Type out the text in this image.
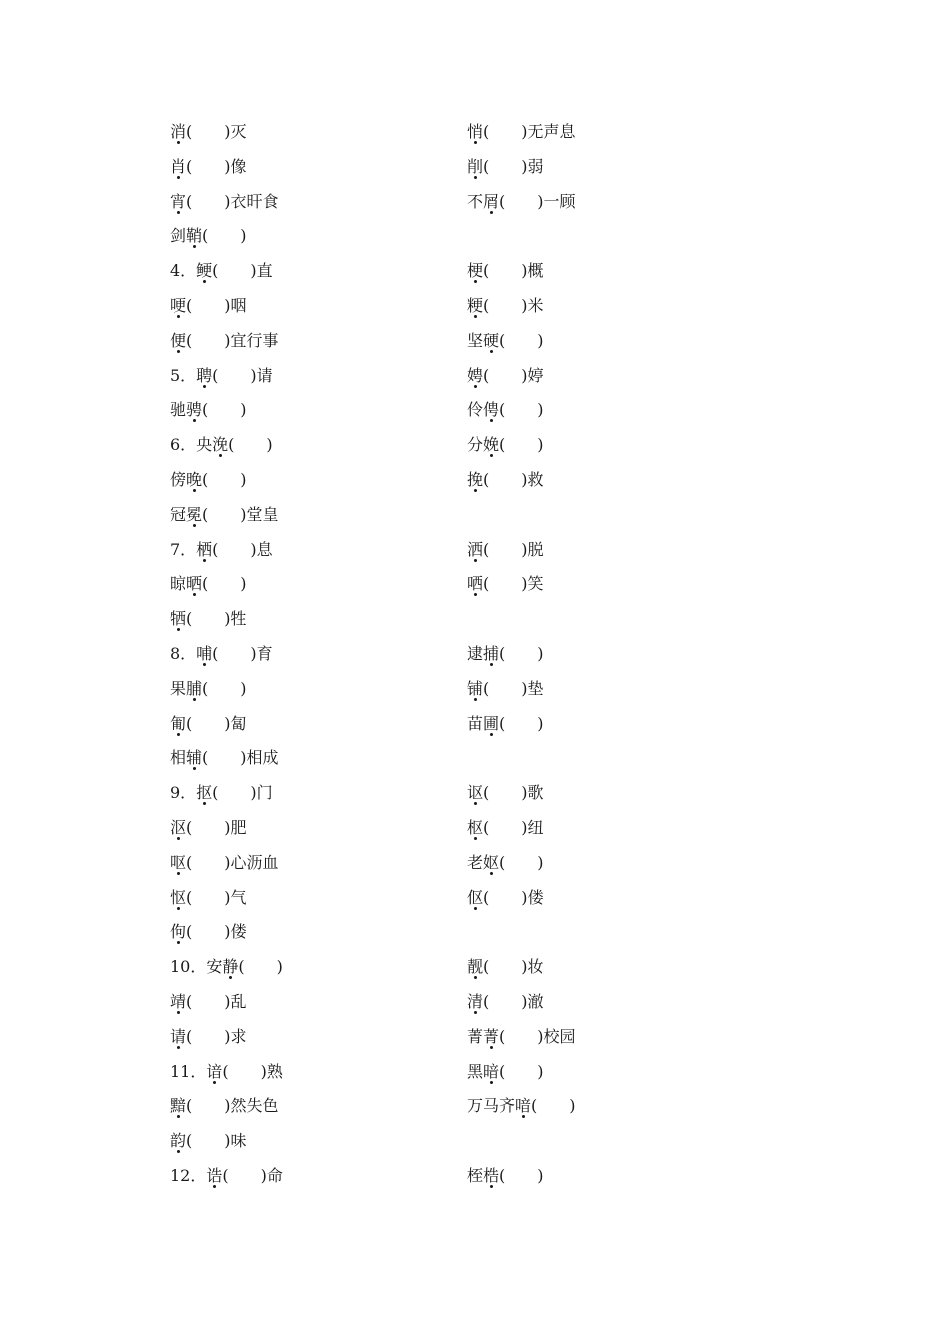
消(　　)灭	悄(　　)无声息
肖(　　)像	削(　　)弱
宵(　　)衣旰食	不屑(　　)一顾
剑鞘(　　)
4．鲠(　　)直	梗(　　)概
哽(　　)咽	粳(　　)米
便(　　)宜行事	坚硬(　　)
5．聘(　　)请	娉(　　)婷
驰骋(　　)	伶俜(　　)
6．央浼(　　)	分娩(　　)
傍晚(　　)	挽(　　)救
冠冕(　　)堂皇
7．栖(　　)息	洒(　　)脱
晾晒(　　)	哂(　　)笑
牺(　　)牲
8．哺(　　)育	逮捕(　　)
果脯(　　)	铺(　　)垫
匍(　　)匐	苗圃(　　)
相辅(　　)相成
9．抠(　　)门	讴(　　)歌
沤(　　)肥	枢(　　)纽
呕(　　)心沥血	老妪(　　)
怄(　　)气	伛(　　)偻
佝(　　)偻
10．安静(　　)	靓(　　)妆
靖(　　)乱	清(　　)澈
请(　　)求	菁菁(　　)校园
11．谙(　　)熟	黑暗(　　)
黯(　　)然失色	万马齐喑(　　)
韵(　　)味
12．诰(　　)命	桎梏(　　)
